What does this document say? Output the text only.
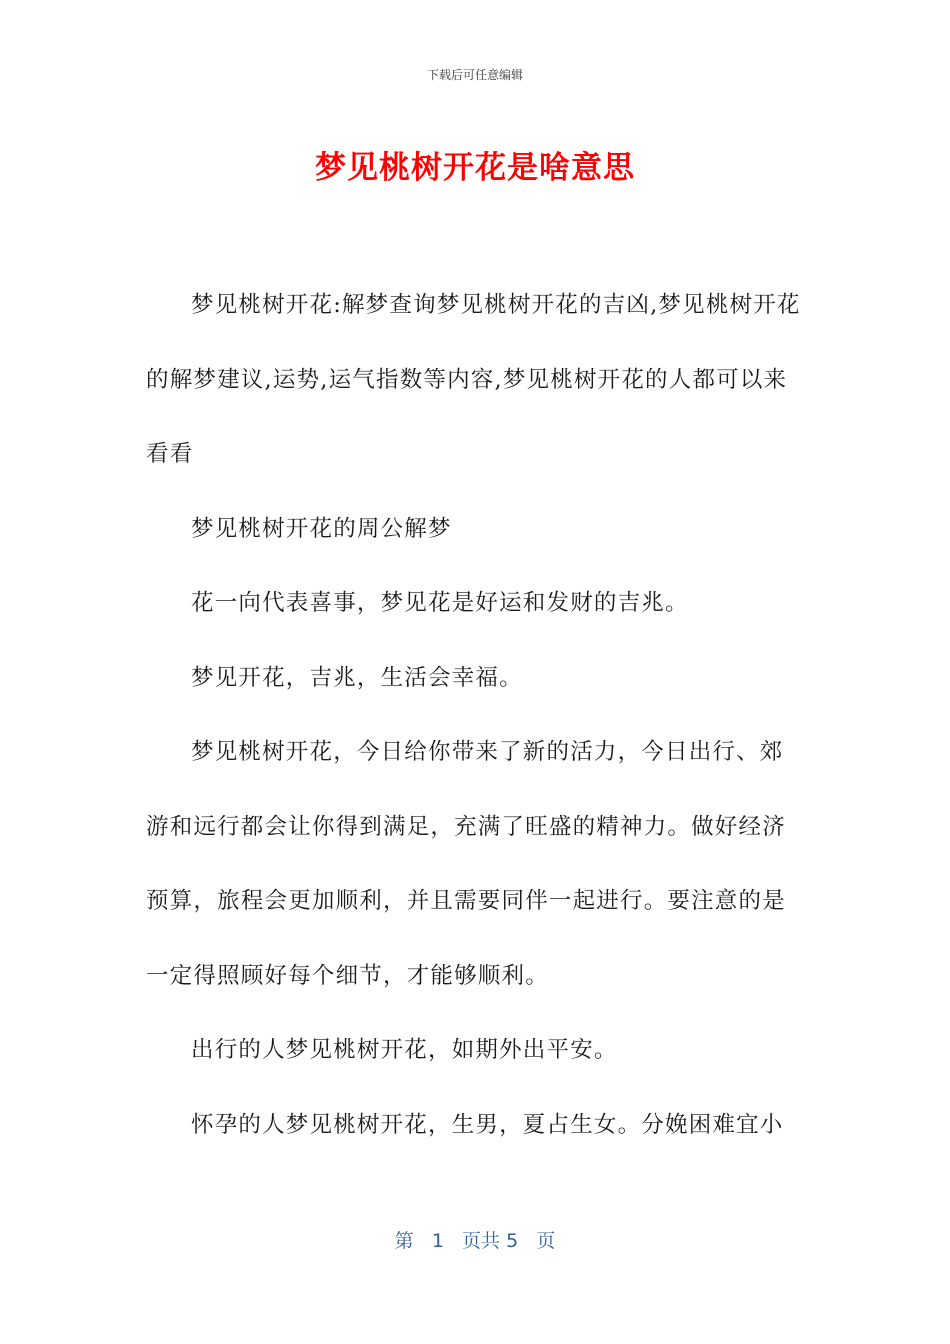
下载后可任意编辑
梦见桃树开花是啥意思

梦见桃树开花:解梦查询梦见桃树开花的吉凶,梦见桃树开花的解梦建议,运势,运气指数等内容,梦见桃树开花的人都可以来看看

梦见桃树开花的周公解梦

花一向代表喜事，梦见花是好运和发财的吉兆。

梦见开花，吉兆，生活会幸福。

梦见桃树开花，今日给你带来了新的活力，今日出行、郊游和远行都会让你得到满足，充满了旺盛的精神力。做好经济预算，旅程会更加顺利，并且需要同伴一起进行。要注意的是一定得照顾好每个细节，才能够顺利。

出行的人梦见桃树开花，如期外出平安。

怀孕的人梦见桃树开花，生男，夏占生女。分娩困难宜小

第 1 页共 5 页
